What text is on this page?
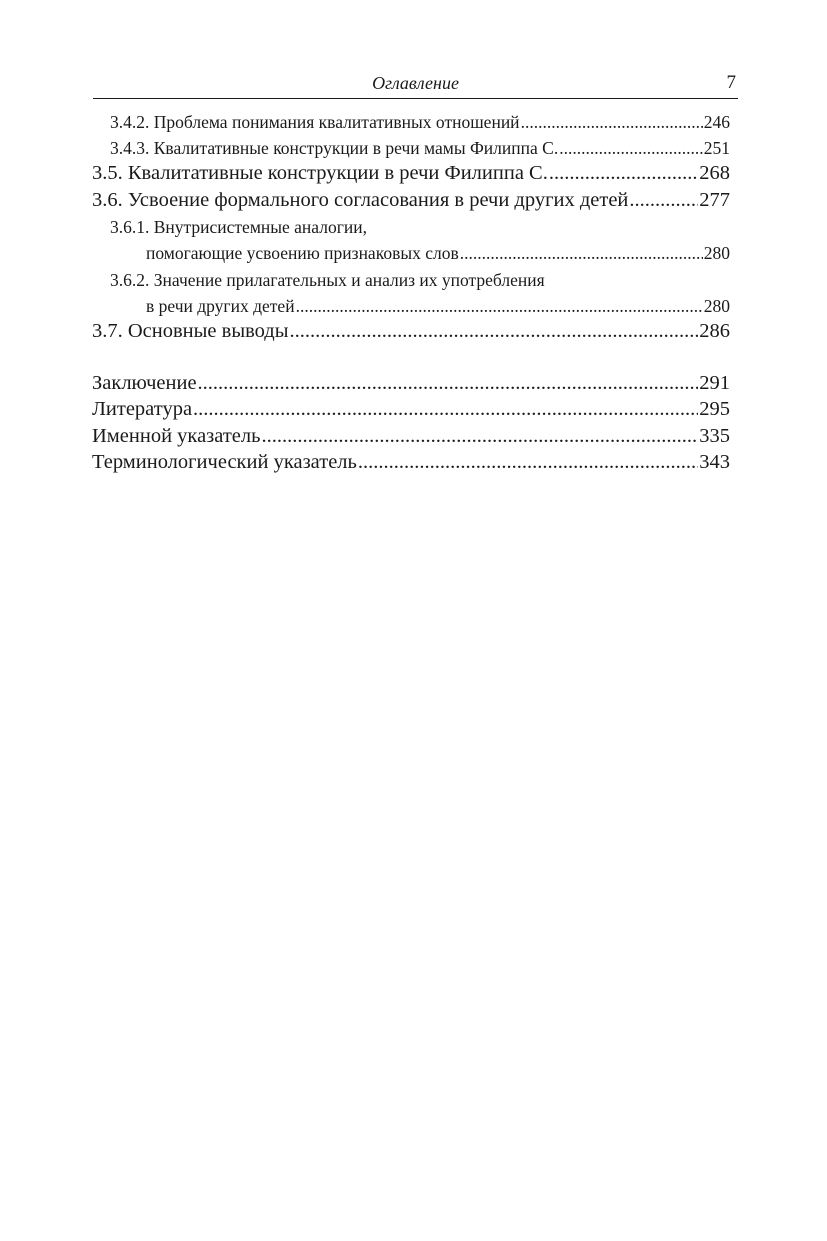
Оглавление	7
3.4.2. Проблема понимания квалитативных отношений .....	246
3.4.3. Квалитативные конструкции в речи мамы Филиппа С. .....	251
3.5. Квалитативные конструкции в речи Филиппа С. .....	268
3.6. Усвоение формального согласования в речи других детей .....	277
3.6.1. Внутрисистемные аналогии,
помогающие усвоению признаковых слов .....	280
3.6.2. Значение прилагательных и анализ их употребления
в речи других детей .....	280
3.7. Основные выводы .....	286
Заключение .....	291
Литература .....	295
Именной указатель .....	335
Терминологический указатель .....	343
